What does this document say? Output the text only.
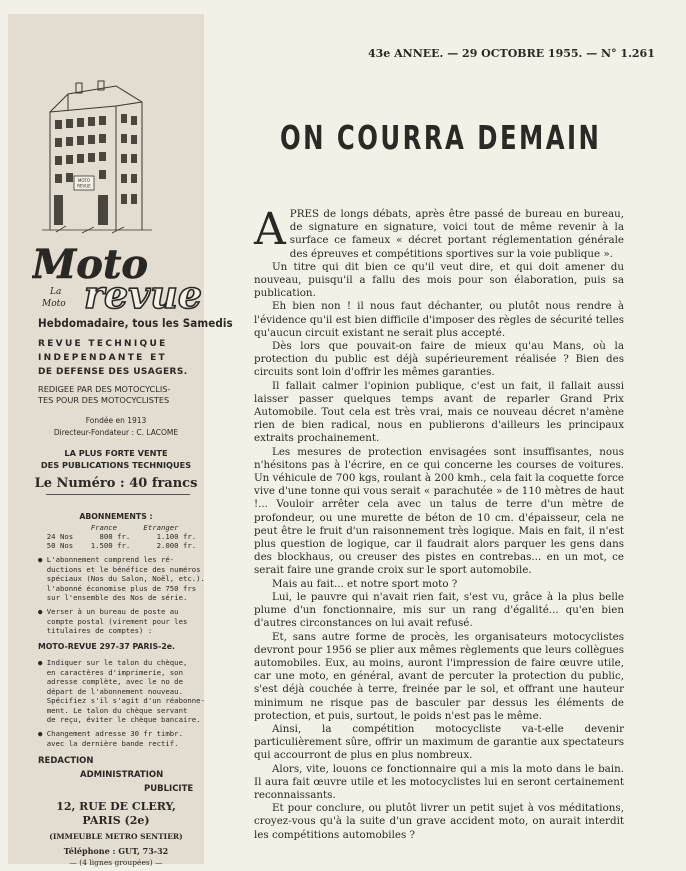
MOTO
REVUE
Moto
La
Moto revue
Hebdomadaire, tous les Samedis
REVUE TECHNIQUE
INDEPENDANTE ET
DE DEFENSE DES USAGERS.
REDIGEE PAR DES MOTOCYCLIS-
TES POUR DES MOTOCYCLISTES
Fondée en 1913
Directeur-Fondateur : C. LACOME
LA PLUS FORTE VENTE
DES PUBLICATIONS TECHNIQUES
Le Numéro : 40 francs
ABONNEMENTS :
France      Etranger
24 Nos      800 fr.      1.100 fr.
50 Nos    1.500 fr.      2.000 fr.
● L'abonnement comprend les ré-
ductions et le bénéfice des numéros
spéciaux (Nos du Salon, Noël, etc.).
l'abonné économise plus de 750 frs
sur l'ensemble des Nos de série.
● Verser à un bureau de poste au
compte postal (virement pour les
titulaires de comptes) :
MOTO-REVUE 297-37 PARIS-2e.
● Indiquer sur le talon du chèque,
en caractères d'imprimerie, son
adresse complète, avec le no de
départ de l'abonnement nouveau.
Spécifiez s'il s'agit d'un réabonne-
ment. Le talon du chèque servant
de reçu, éviter le chèque bancaire.
● Changement adresse 30 fr timbr.
avec la dernière bande rectif.
REDACTION
ADMINISTRATION
PUBLICITE
12, RUE DE CLERY,
PARIS (2e)
(IMMEUBLE METRO SENTIER)
Téléphone : GUT, 73-32
— (4 lignes groupées) —
43e ANNEE. — 29 OCTOBRE 1955. — N° 1.261
ON COURRA DEMAIN

APRES de longs débats, après être passé de bureau en bureau, de signature en signature, voici tout de même revenir à la surface ce fameux « décret portant réglementation générale des épreuves et compétitions sportives sur la voie publique ».

Un titre qui dit bien ce qu'il veut dire, et qui doit amener du nouveau, puisqu'il a fallu des mois pour son élaboration, puis sa publication.

Eh bien non ! il nous faut déchanter, ou plutôt nous rendre à l'évidence qu'il est bien difficile d'imposer des règles de sécurité telles qu'aucun circuit existant ne serait plus accepté.

Dès lors que pouvait-on faire de mieux qu'au Mans, où la protection du public est déjà supérieurement réalisée ? Bien des circuits sont loin d'offrir les mêmes garanties.

Il fallait calmer l'opinion publique, c'est un fait, il fallait aussi laisser passer quelques temps avant de reparler Grand Prix Automobile. Tout cela est très vrai, mais ce nouveau décret n'amène rien de bien radical, nous en publierons d'ailleurs les principaux extraits prochainement.

Les mesures de protection envisagées sont insuffisantes, nous n'hésitons pas à l'écrire, en ce qui concerne les courses de voitures. Un véhicule de 700 kgs, roulant à 200 kmh., cela fait la coquette force vive d'une tonne qui vous serait « parachutée » de 110 mètres de haut !... Vouloir arrêter cela avec un talus de terre d'un mètre de profondeur, ou une murette de béton de 10 cm. d'épaisseur, cela ne peut être le fruit d'un raisonnement très logique. Mais en fait, il n'est plus question de logique, car il faudrait alors parquer les gens dans des blockhaus, ou creuser des pistes en contrebas... en un mot, ce serait faire une grande croix sur le sport automobile.

Mais au fait... et notre sport moto ?

Lui, le pauvre qui n'avait rien fait, s'est vu, grâce à la plus belle plume d'un fonctionnaire, mis sur un rang d'égalité... qu'en bien d'autres circonstances on lui avait refusé.

Et, sans autre forme de procès, les organisateurs motocyclistes devront pour 1956 se plier aux mêmes règlements que leurs collègues automobiles. Eux, au moins, auront l'impression de faire œuvre utile, car une moto, en général, avant de percuter la protection du public, s'est déjà couchée à terre, freinée par le sol, et offrant une hauteur minimum ne risque pas de basculer par dessus les éléments de protection, et puis, surtout, le poids n'est pas le même.

Ainsi, la compétition motocycliste va-t-elle devenir particulièrement sûre, offrir un maximum de garantie aux spectateurs qui accourront de plus en plus nombreux.

Alors, vite, louons ce fonctionnaire qui a mis la moto dans le bain. Il aura fait œuvre utile et les motocyclistes lui en seront certainement reconnaissants.

Et pour conclure, ou plutôt livrer un petit sujet à vos méditations, croyez-vous qu'à la suite d'un grave accident moto, on aurait interdit les compétitions automobiles ?
